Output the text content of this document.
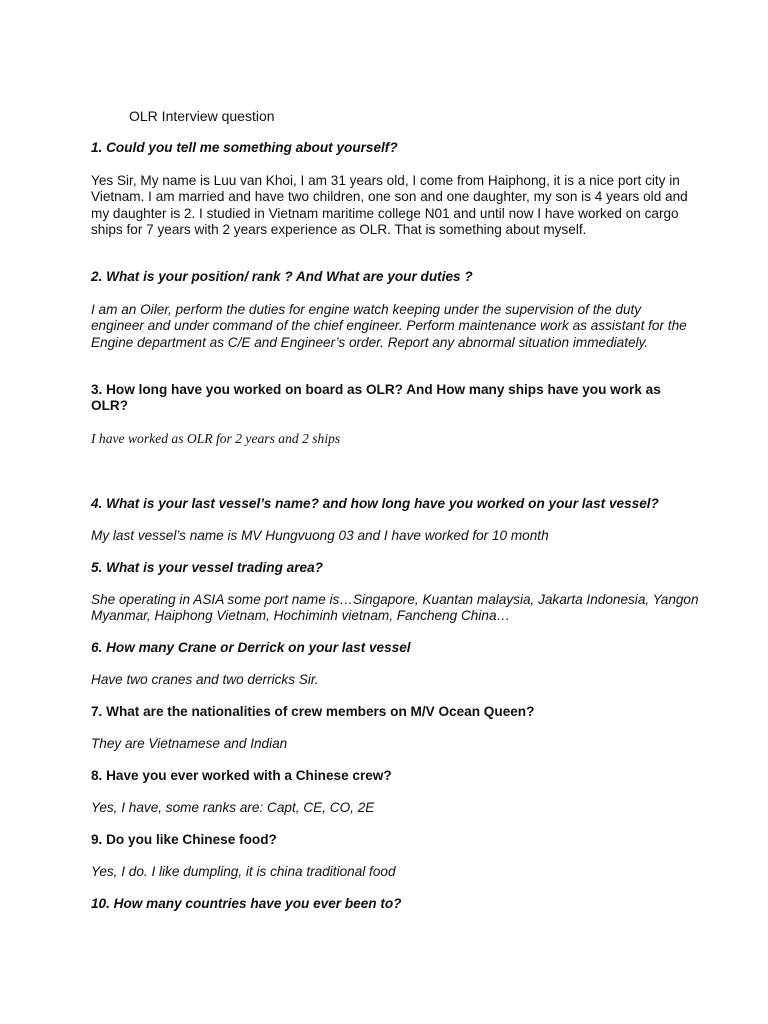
OLR Interview question
1. Could you tell me something about yourself?
Yes Sir, My name is Luu van Khoi, I am 31 years old, I come from Haiphong, it is a nice port city in Vietnam. I am married and have two children, one son and one daughter, my son is 4 years old and my daughter is 2. I studied in Vietnam maritime college N01 and until now I have worked on cargo ships for 7 years with 2 years experience as OLR. That is something about myself.
2. What is your position/ rank ? And What are your duties ?
I am an Oiler, perform the duties for engine watch keeping under the supervision of the duty engineer and under command of the chief engineer. Perform maintenance work as assistant for the Engine department as C/E and Engineer’s order. Report any abnormal situation immediately.
3. How long have you worked on board as OLR? And How many ships have you work as OLR?
I have worked as OLR for 2 years and 2 ships
4. What is your last vessel’s name? and how long have you worked on your last vessel?
My last vessel’s name is MV Hungvuong 03 and I have worked for 10 month
5. What is your vessel trading area?
She operating in ASIA some port name is…Singapore, Kuantan malaysia, Jakarta Indonesia, Yangon Myanmar, Haiphong Vietnam, Hochiminh vietnam, Fancheng China…
6. How many Crane or Derrick on your last vessel
Have two cranes and two derricks Sir.
7. What are the nationalities of crew members on M/V Ocean Queen?
They are Vietnamese and Indian
8. Have you ever worked with a Chinese crew?
Yes, I have, some ranks are: Capt, CE, CO, 2E
9. Do you like Chinese food?
Yes, I do. I like dumpling, it is china traditional food
10. How many countries have you ever been to?
